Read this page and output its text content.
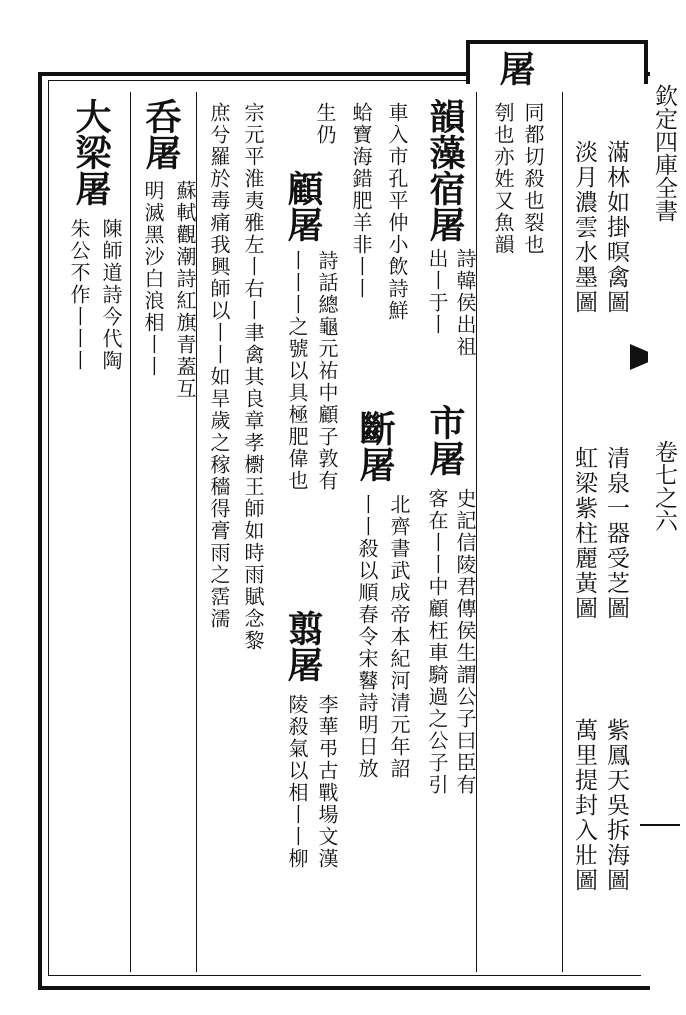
欽定四庫全書
卷七之六
滿林如掛暝禽圖
清泉一器受芝圖
紫鳳天吳拆海圖
淡月濃雲水墨圖
虹梁紫柱麗黃圖
萬里提封入壯圖
屠
同都切殺也裂也
刳也亦姓又魚韻
韻藻宿屠
詩韓侯出祖
出丨于丨
市屠
史記信陵君傳侯生謂公子曰臣有
客在丨丨中顧枉車騎過之公子引
車入市孔平仲小飲詩鮮
蛤寶海錯肥羊非丨丨
斷屠
北齊書武成帝本紀河清元年詔
丨丨殺以順春令宋鼛詩明日放
生仍
顧屠
詩話總龜元祐中顧子敦有
丨丨丨之號以具極肥偉也
翦屠
李華弔古戰場文漢
陵殺氣以相丨丨柳
宗元平淮夷雅左丨右丨聿禽其良章孝㯹王師如時雨賦念黎
庶兮羅於毒痛我興師以丨丨如旱歲之稼穡得膏雨之霑濡
呑屠
蘇軾觀潮詩紅旗青蓋互
明滅黑沙白浪相丨丨
大梁屠
陳師道詩今代陶
朱公不作丨丨丨
